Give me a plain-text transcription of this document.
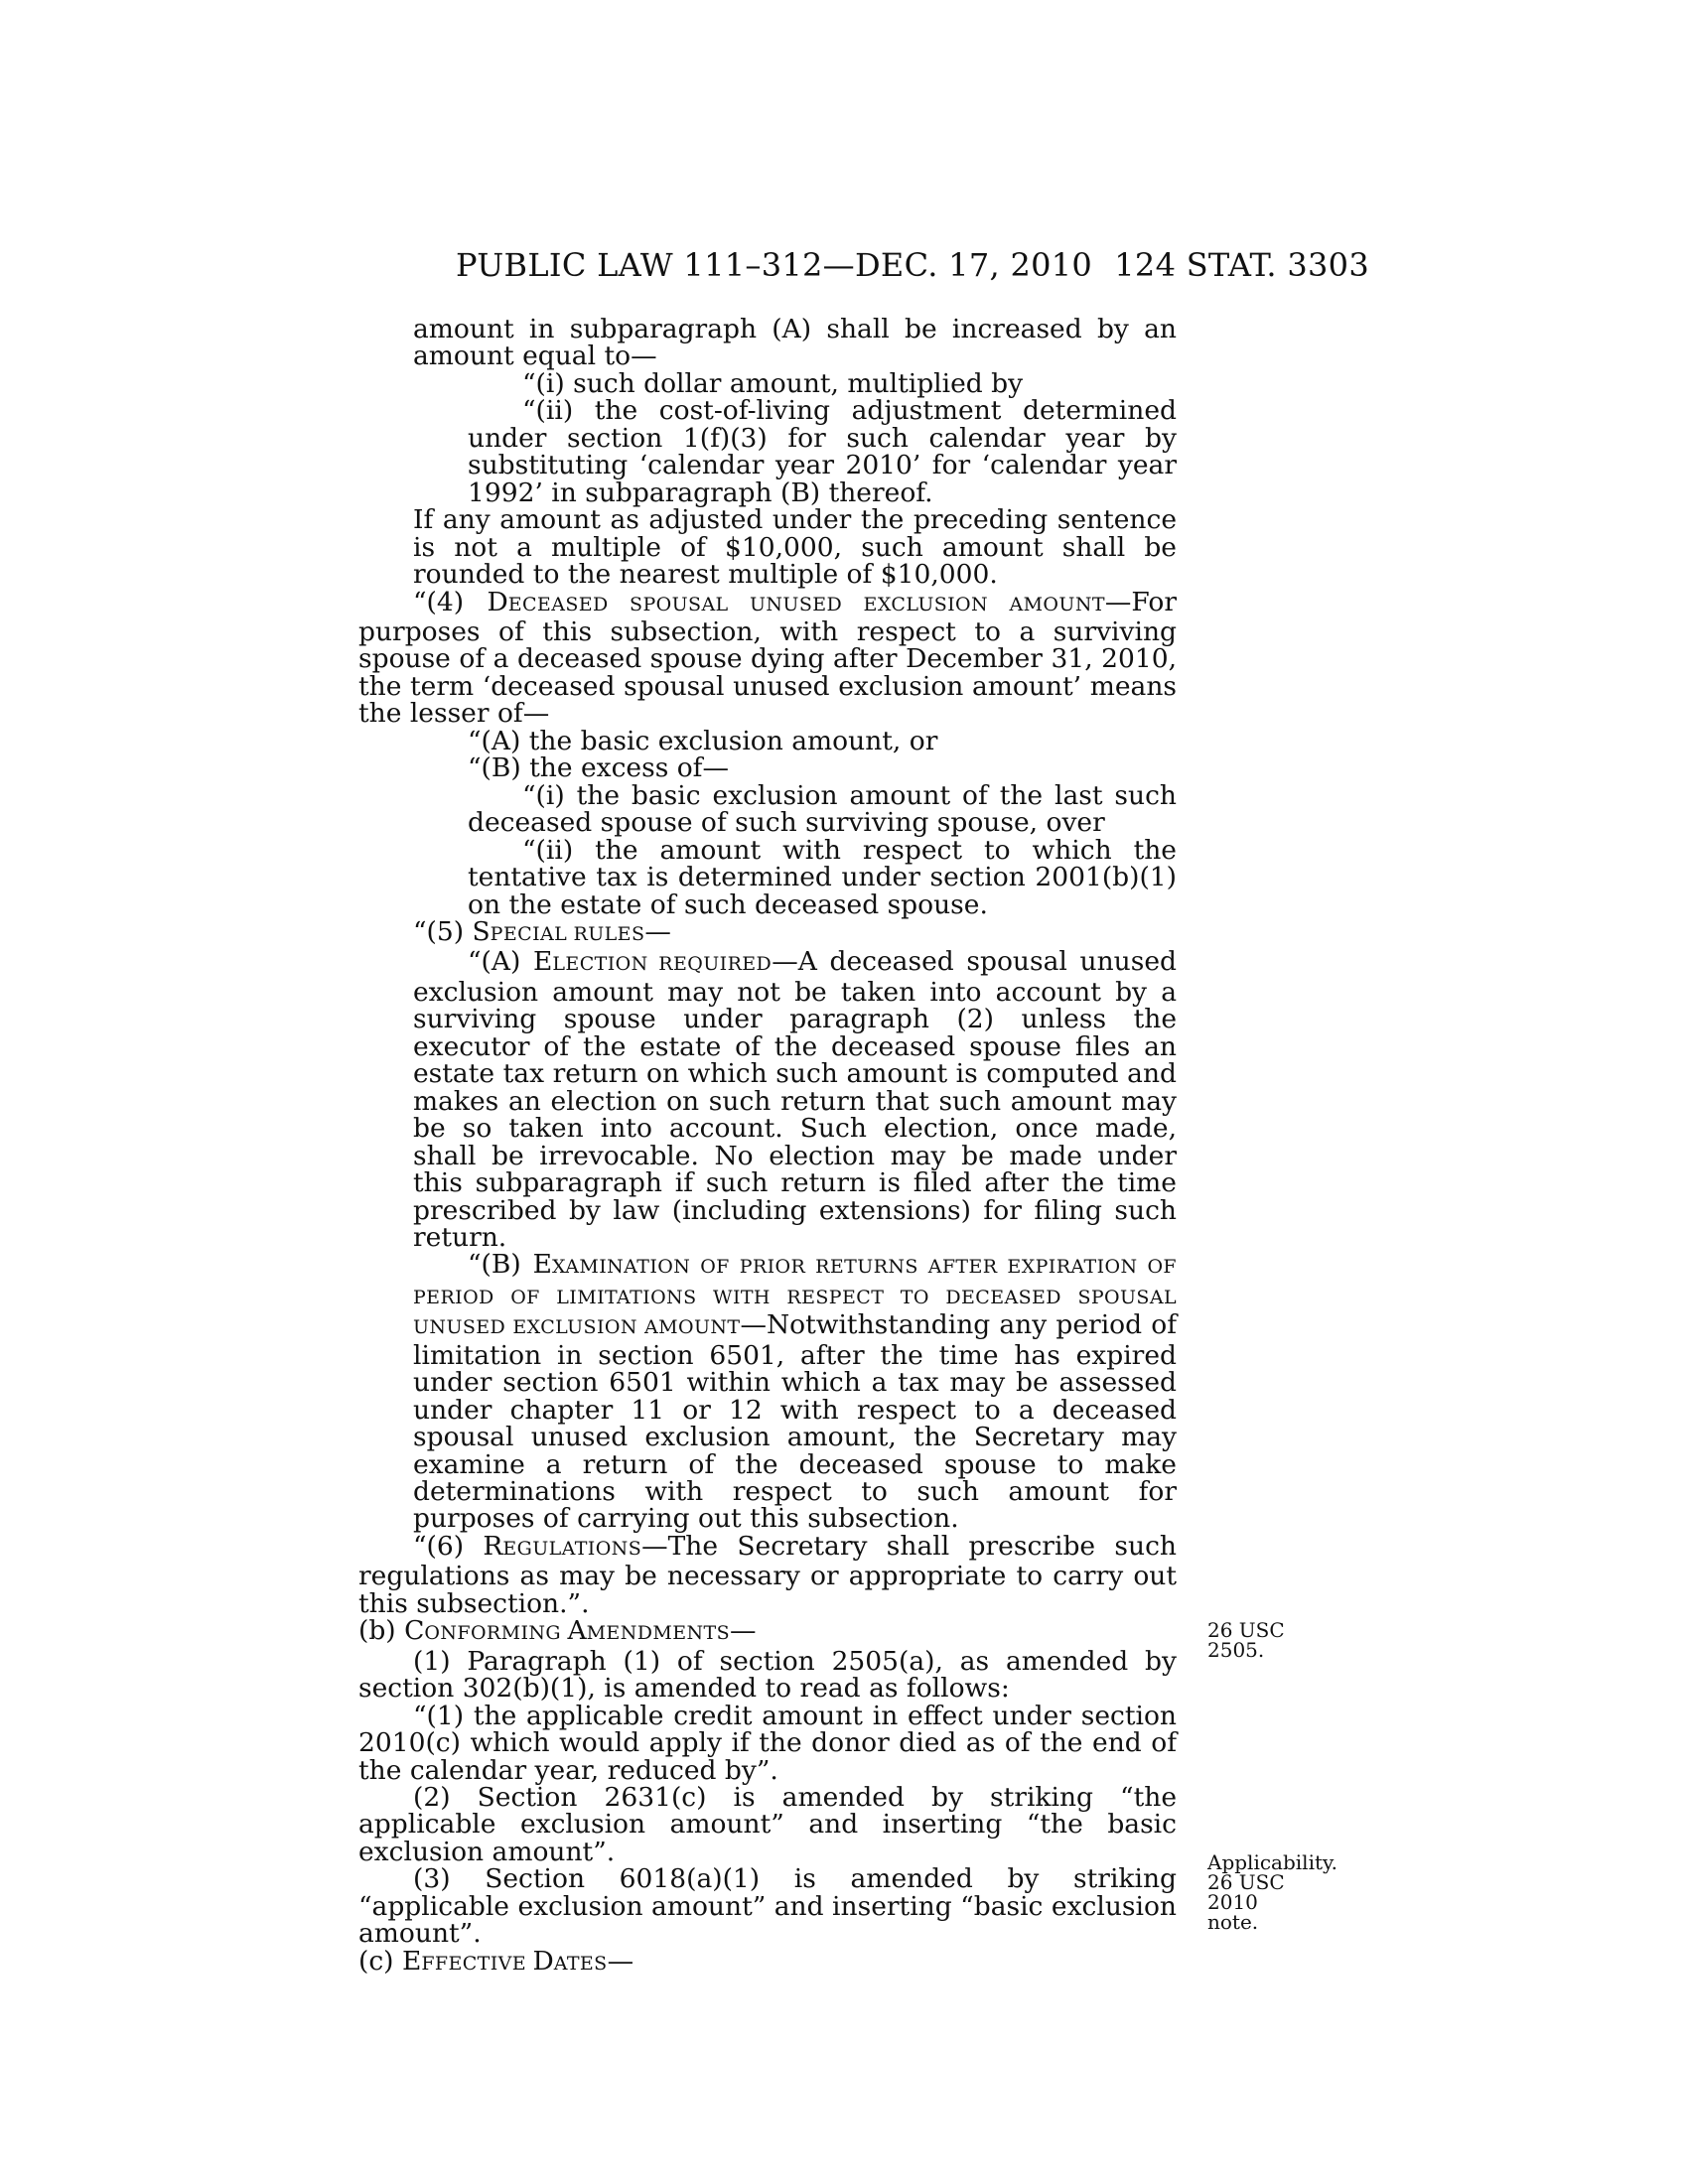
PUBLIC LAW 111–312—DEC. 17, 2010 124 STAT. 3303

amount in subparagraph (A) shall be increased by an amount equal to—

“(i) such dollar amount, multiplied by

“(ii) the cost-of-living adjustment determined under section 1(f)(3) for such calendar year by substituting ‘calendar year 2010’ for ‘calendar year 1992’ in subparagraph (B) thereof.

If any amount as adjusted under the preceding sentence is not a multiple of $10,000, such amount shall be rounded to the nearest multiple of $10,000.

“(4) DECEASED SPOUSAL UNUSED EXCLUSION AMOUNT—For purposes of this subsection, with respect to a surviving spouse of a deceased spouse dying after December 31, 2010, the term ‘deceased spousal unused exclusion amount’ means the lesser of—

“(A) the basic exclusion amount, or

“(B) the excess of—

“(i) the basic exclusion amount of the last such deceased spouse of such surviving spouse, over

“(ii) the amount with respect to which the tentative tax is determined under section 2001(b)(1) on the estate of such deceased spouse.

“(5) SPECIAL RULES—

“(A) ELECTION REQUIRED—A deceased spousal unused exclusion amount may not be taken into account by a surviving spouse under paragraph (2) unless the executor of the estate of the deceased spouse files an estate tax return on which such amount is computed and makes an election on such return that such amount may be so taken into account. Such election, once made, shall be irrevocable. No election may be made under this subparagraph if such return is filed after the time prescribed by law (including extensions) for filing such return.

“(B) EXAMINATION OF PRIOR RETURNS AFTER EXPIRATION OF PERIOD OF LIMITATIONS WITH RESPECT TO DECEASED SPOUSAL UNUSED EXCLUSION AMOUNT—Notwithstanding any period of limitation in section 6501, after the time has expired under section 6501 within which a tax may be assessed under chapter 11 or 12 with respect to a deceased spousal unused exclusion amount, the Secretary may examine a return of the deceased spouse to make determinations with respect to such amount for purposes of carrying out this subsection.

“(6) REGULATIONS—The Secretary shall prescribe such regulations as may be necessary or appropriate to carry out this subsection.”.

(b) CONFORMING AMENDMENTS—

(1) Paragraph (1) of section 2505(a), as amended by section 302(b)(1), is amended to read as follows:

“(1) the applicable credit amount in effect under section 2010(c) which would apply if the donor died as of the end of the calendar year, reduced by”.

(2) Section 2631(c) is amended by striking “the applicable exclusion amount” and inserting “the basic exclusion amount”.

(3) Section 6018(a)(1) is amended by striking “applicable exclusion amount” and inserting “basic exclusion amount”.

(c) EFFECTIVE DATES—

26 USC 2505.
Applicability.
26 USC 2010
note.
